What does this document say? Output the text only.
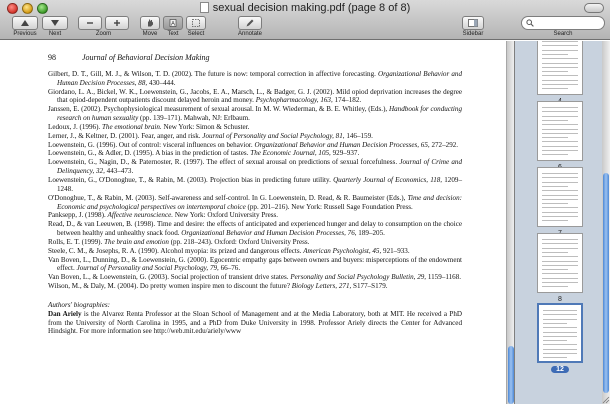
sexual decision making.pdf (page 8 of 8)
Previous	Next	Zoom
A
Move	Text	Select	Annotate	Sidebar	Search
98	Journal of Behavioral Decision Making
Gilbert, D. T., Gill, M. J., & Wilson, T. D. (2002). The future is now: temporal correction in affective forecasting. Organizational Behavior and Human Decision Processes, 88, 430–444.
Giordano, L. A., Bickel, W. K., Loewenstein, G., Jacobs, E. A., Marsch, L., & Badger, G. J. (2002). Mild opiod deprivation increases the degree that opiod-dependent outpatients discount delayed heroin and money. Psychopharmacology, 163, 174–182.
Janssen, E. (2002). Psychophysiological measurement of sexual arousal. In M. W. Wiederman, & B. E. Whitley, (Eds.), Handbook for conducting research on human sexuality (pp. 139–171). Mahwah, NJ: Erlbaum.
Ledoux, J. (1996). The emotional brain. New York: Simon & Schuster.
Lerner, J., & Keltner, D. (2001). Fear, anger, and risk. Journal of Personality and Social Psychology, 81, 146–159.
Loewenstein, G. (1996). Out of control: visceral influences on behavior. Organizational Behavior and Human Decision Processes, 65, 272–292.
Loewenstein, G., & Adler, D. (1995). A bias in the prediction of tastes. The Economic Journal, 105, 929–937.
Loewenstein, G., Nagin, D., & Paternoster, R. (1997). The effect of sexual arousal on predictions of sexual forcefulness. Journal of Crime and Delinquency, 32, 443–473.
Loewenstein, G., O'Donoghue, T., & Rabin, M. (2003). Projection bias in predicting future utility. Quarterly Journal of Economics, 118, 1209–1248.
O'Donoghue, T., & Rabin, M. (2003). Self-awareness and self-control. In G. Loewenstein, D. Read, & R. Baumeister (Eds.), Time and decision: Economic and psychological perspectives on intertemporal choice (pp. 201–216). New York: Russell Sage Foundation Press.
Panksepp, J. (1998). Affective neuroscience. New York: Oxford University Press.
Read, D., & van Leeuwen, B. (1998). Time and desire: the effects of anticipated and experienced hunger and delay to consumption on the choice between healthy and unhealthy snack food. Organizational Behavior and Human Decision Processes, 76, 189–205.
Rolls, E. T. (1999). The brain and emotion (pp. 218–243). Oxford: Oxford University Press.
Steele, C. M., & Josephs, R. A. (1990). Alcohol myopia: its prized and dangerous effects. American Psychologist, 45, 921–933.
Van Boven, L., Dunning, D., & Loewenstein, G. (2000). Egocentric empathy gaps between owners and buyers: misperceptions of the endowment effect. Journal of Personality and Social Psychology, 79, 66–76.
Van Boven, L., & Loewenstein, G. (2003). Social projection of transient drive states. Personality and Social Psychology Bulletin, 29, 1159–1168.
Wilson, M., & Daly, M. (2004). Do pretty women inspire men to discount the future? Biology Letters, 271, S177–S179.
Authors' biographies:
Dan Ariely is the Alvarez Renta Professor at the Sloan School of Management and at the Media Laboratory, both at MIT. He received a PhD from the University of North Carolina in 1995, and a PhD from Duke University in 1998. Professor Ariely directs the Center for Advanced Hindsight. For more information see http://web.mit.edu/ariely/www
8
12
